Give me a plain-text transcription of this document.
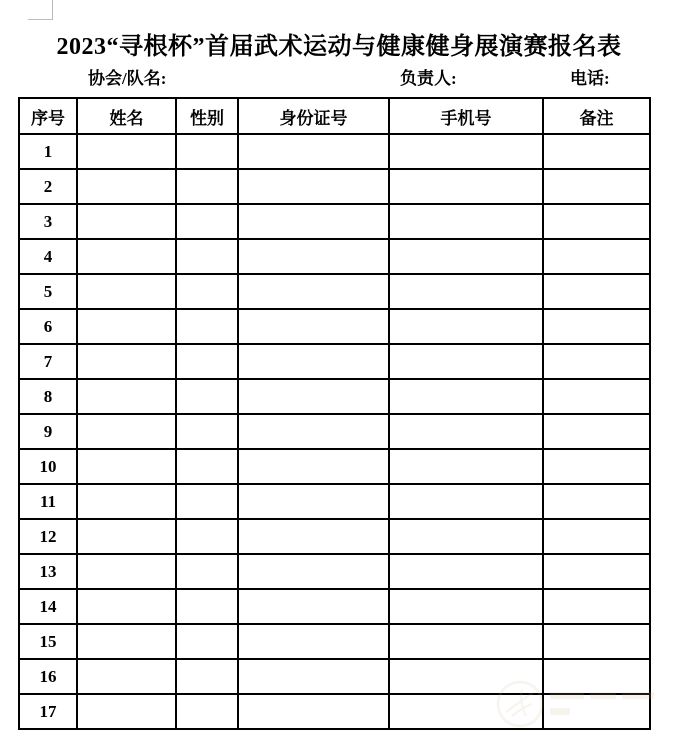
2023“寻根杯”首届武术运动与健康健身展演赛报名表
协会/队名:	负责人:	电话:
序号	姓名	性别	身份证号	手机号	备注
1					
2					
3					
4					
5					
6					
7					
8					
9					
10					
11					
12					
13					
14					
15					
16					
17					
